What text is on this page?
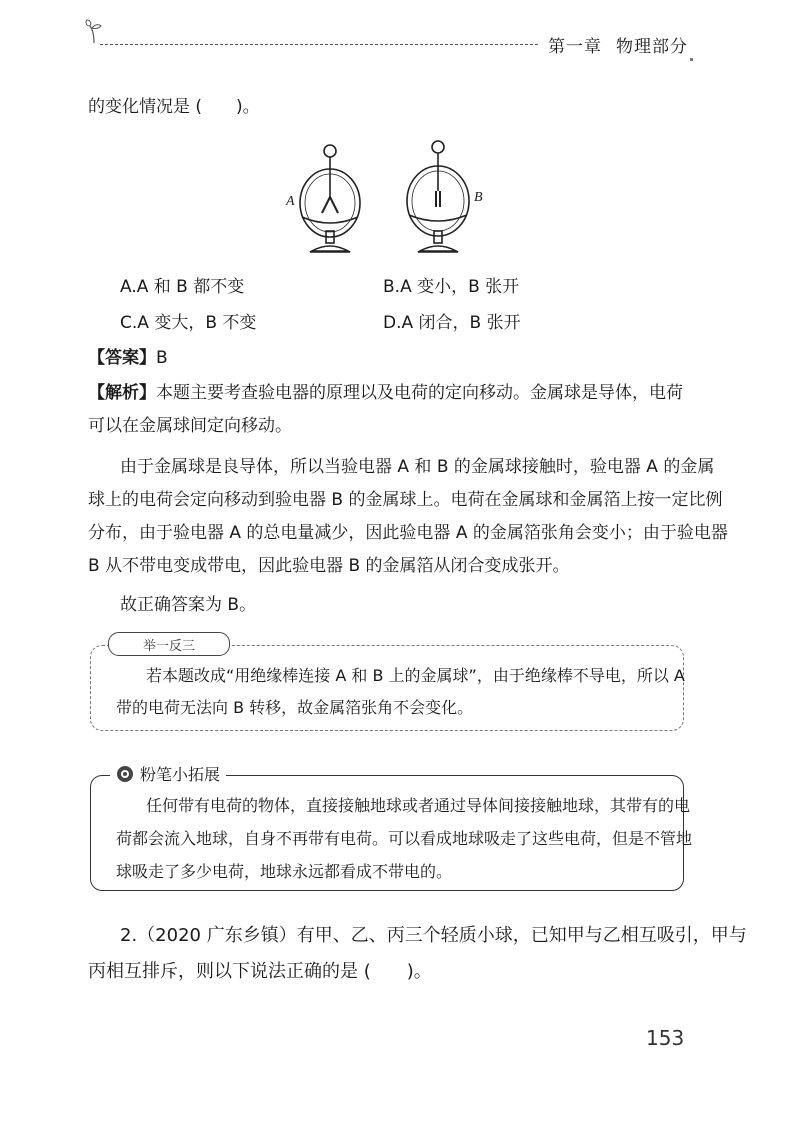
第一章 物理部分
的变化情况是 (　　)。
A	B
A.A 和 B 都不变	B.A 变小，B 张开
C.A 变大，B 不变	D.A 闭合，B 张开
【答案】B
【解析】本题主要考查验电器的原理以及电荷的定向移动。金属球是导体，电荷
可以在金属球间定向移动。
由于金属球是良导体，所以当验电器 A 和 B 的金属球接触时，验电器 A 的金属
球上的电荷会定向移动到验电器 B 的金属球上。电荷在金属球和金属箔上按一定比例
分布，由于验电器 A 的总电量减少，因此验电器 A 的金属箔张角会变小；由于验电器
B 从不带电变成带电，因此验电器 B 的金属箔从闭合变成张开。
故正确答案为 B。
举一反三
若本题改成“用绝缘棒连接 A 和 B 上的金属球”，由于绝缘棒不导电，所以 A
带的电荷无法向 B 转移，故金属箔张角不会变化。
粉笔小拓展
任何带有电荷的物体，直接接触地球或者通过导体间接接触地球，其带有的电
荷都会流入地球，自身不再带有电荷。可以看成地球吸走了这些电荷，但是不管地
球吸走了多少电荷，地球永远都看成不带电的。
2.（2020 广东乡镇）有甲、乙、丙三个轻质小球，已知甲与乙相互吸引，甲与
丙相互排斥，则以下说法正确的是 (　　)。
153
